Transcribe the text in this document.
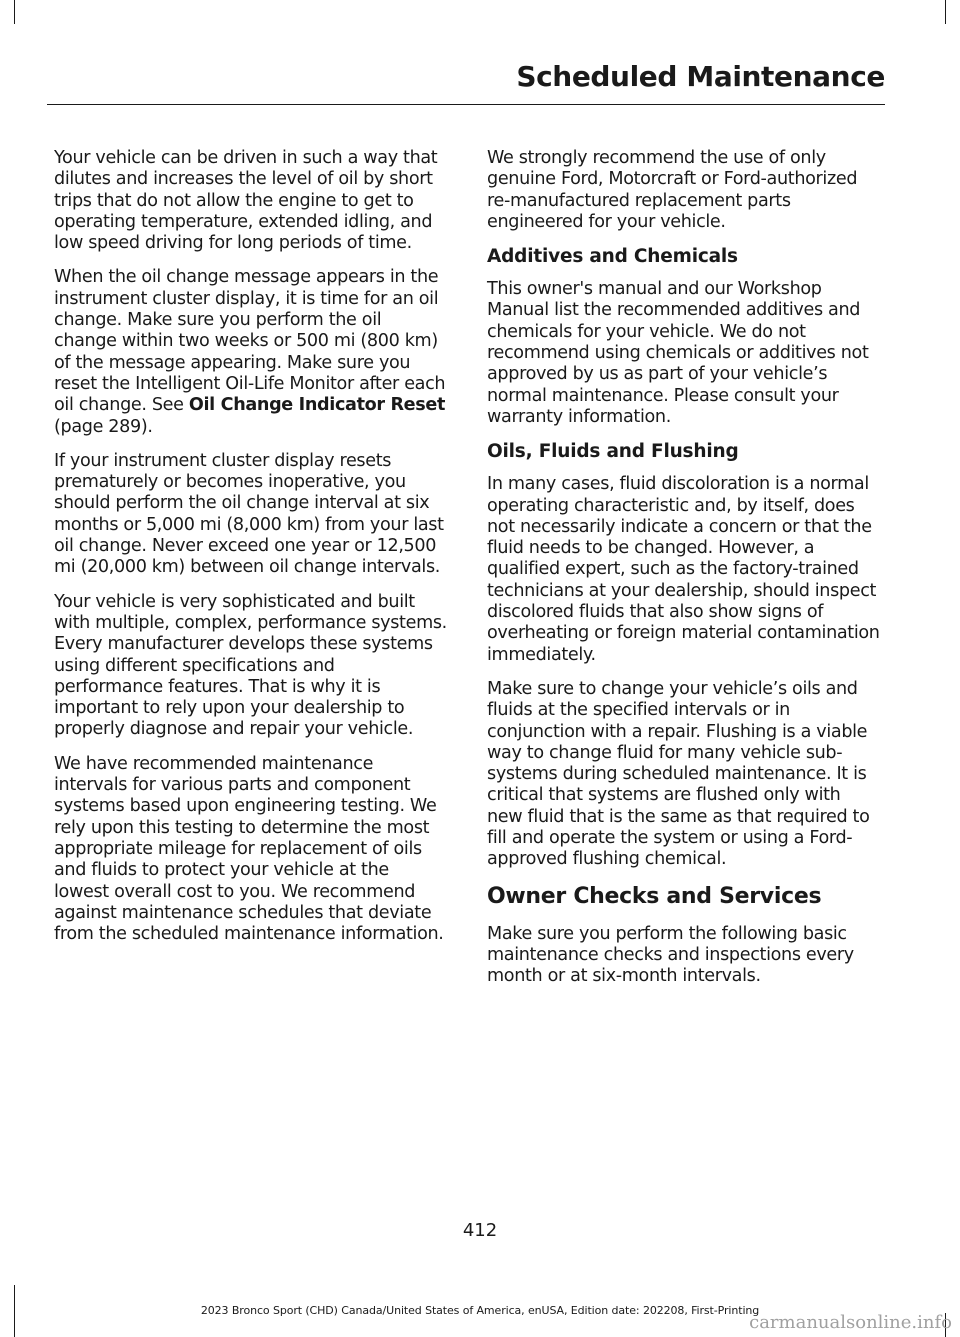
Scheduled Maintenance

Your vehicle can be driven in such a way that dilutes and increases the level of oil by short trips that do not allow the engine to get to operating temperature, extended idling, and low speed driving for long periods of time.

When the oil change message appears in the instrument cluster display, it is time for an oil change. Make sure you perform the oil change within two weeks or 500 mi (800 km) of the message appearing. Make sure you reset the Intelligent Oil-Life Monitor after each oil change. See Oil Change Indicator Reset (page 289).

If your instrument cluster display resets prematurely or becomes inoperative, you should perform the oil change interval at six months or 5,000 mi (8,000 km) from your last oil change. Never exceed one year or 12,500 mi (20,000 km) between oil change intervals.

Your vehicle is very sophisticated and built with multiple, complex, performance systems. Every manufacturer develops these systems using different specifications and performance features. That is why it is important to rely upon your dealership to properly diagnose and repair your vehicle.

We have recommended maintenance intervals for various parts and component systems based upon engineering testing. We rely upon this testing to determine the most appropriate mileage for replacement of oils and fluids to protect your vehicle at the lowest overall cost to you. We recommend against maintenance schedules that deviate from the scheduled maintenance information.

We strongly recommend the use of only genuine Ford, Motorcraft or Ford-authorized re-manufactured replacement parts engineered for your vehicle.

Additives and Chemicals

This owner's manual and our Workshop Manual list the recommended additives and chemicals for your vehicle. We do not recommend using chemicals or additives not approved by us as part of your vehicle’s normal maintenance. Please consult your warranty information.

Oils, Fluids and Flushing

In many cases, fluid discoloration is a normal operating characteristic and, by itself, does not necessarily indicate a concern or that the fluid needs to be changed. However, a qualified expert, such as the factory-trained technicians at your dealership, should inspect discolored fluids that also show signs of overheating or foreign material contamination immediately.

Make sure to change your vehicle’s oils and fluids at the specified intervals or in conjunction with a repair. Flushing is a viable way to change fluid for many vehicle sub-systems during scheduled maintenance. It is critical that systems are flushed only with new fluid that is the same as that required to fill and operate the system or using a Ford-approved flushing chemical.

Owner Checks and Services

Make sure you perform the following basic maintenance checks and inspections every month or at six-month intervals.

412
2023 Bronco Sport (CHD) Canada/United States of America, enUSA, Edition date: 202208, First-Printing
carmanualsonline.info
